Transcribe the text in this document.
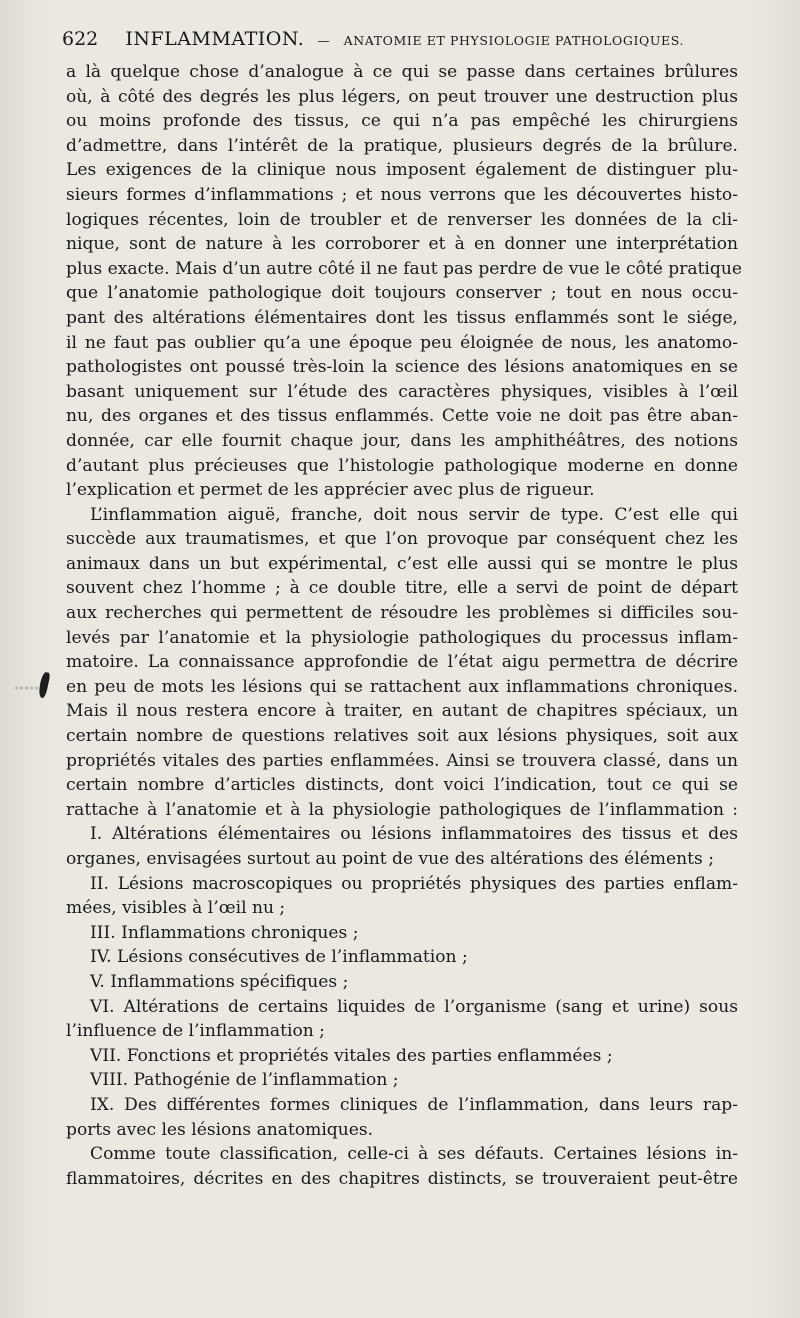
622 INFLAMMATION. — ANATOMIE ET PHYSIOLOGIE PATHOLOGIQUES.

a là quelque chose d’analogue à ce qui se passe dans certaines brûlures
où, à côté des degrés les plus légers, on peut trouver une destruction plus
ou moins profonde des tissus, ce qui n’a pas empêché les chirurgiens
d’admettre, dans l’intérêt de la pratique, plusieurs degrés de la brûlure.
Les exigences de la clinique nous imposent également de distinguer plu-
sieurs formes d’inflammations ; et nous verrons que les découvertes histo-
logiques récentes, loin de troubler et de renverser les données de la cli-
nique, sont de nature à les corroborer et à en donner une interprétation
plus exacte. Mais d’un autre côté il ne faut pas perdre de vue le côté pratique
que l’anatomie pathologique doit toujours conserver ; tout en nous occu-
pant des altérations élémentaires dont les tissus enflammés sont le siége,
il ne faut pas oublier qu’a une époque peu éloignée de nous, les anatomo-
pathologistes ont poussé très-loin la science des lésions anatomiques en se
basant uniquement sur l’étude des caractères physiques, visibles à l’œil
nu, des organes et des tissus enflammés. Cette voie ne doit pas être aban-
donnée, car elle fournit chaque jour, dans les amphithéâtres, des notions
d’autant plus précieuses que l’histologie pathologique moderne en donne
l’explication et permet de les apprécier avec plus de rigueur.

L’inflammation aiguë, franche, doit nous servir de type. C’est elle qui
succède aux traumatismes, et que l’on provoque par conséquent chez les
animaux dans un but expérimental, c’est elle aussi qui se montre le plus
souvent chez l’homme ; à ce double titre, elle a servi de point de départ
aux recherches qui permettent de résoudre les problèmes si difficiles sou-
levés par l’anatomie et la physiologie pathologiques du processus inflam-
matoire. La connaissance approfondie de l’état aigu permettra de décrire
en peu de mots les lésions qui se rattachent aux inflammations chroniques.
Mais il nous restera encore à traiter, en autant de chapitres spéciaux, un
certain nombre de questions relatives soit aux lésions physiques, soit aux
propriétés vitales des parties enflammées. Ainsi se trouvera classé, dans un
certain nombre d’articles distincts, dont voici l’indication, tout ce qui se
rattache à l’anatomie et à la physiologie pathologiques de l’inflammation :

I. Altérations élémentaires ou lésions inflammatoires des tissus et des
organes, envisagées surtout au point de vue des altérations des éléments ;
II. Lésions macroscopiques ou propriétés physiques des parties enflam-
mées, visibles à l’œil nu ;
III. Inflammations chroniques ;
IV. Lésions consécutives de l’inflammation ;
V. Inflammations spécifiques ;
VI. Altérations de certains liquides de l’organisme (sang et urine) sous
l’influence de l’inflammation ;
VII. Fonctions et propriétés vitales des parties enflammées ;
VIII. Pathogénie de l’inflammation ;
IX. Des différentes formes cliniques de l’inflammation, dans leurs rap-
ports avec les lésions anatomiques.

Comme toute classification, celle-ci à ses défauts. Certaines lésions in-
flammatoires, décrites en des chapitres distincts, se trouveraient peut-être
